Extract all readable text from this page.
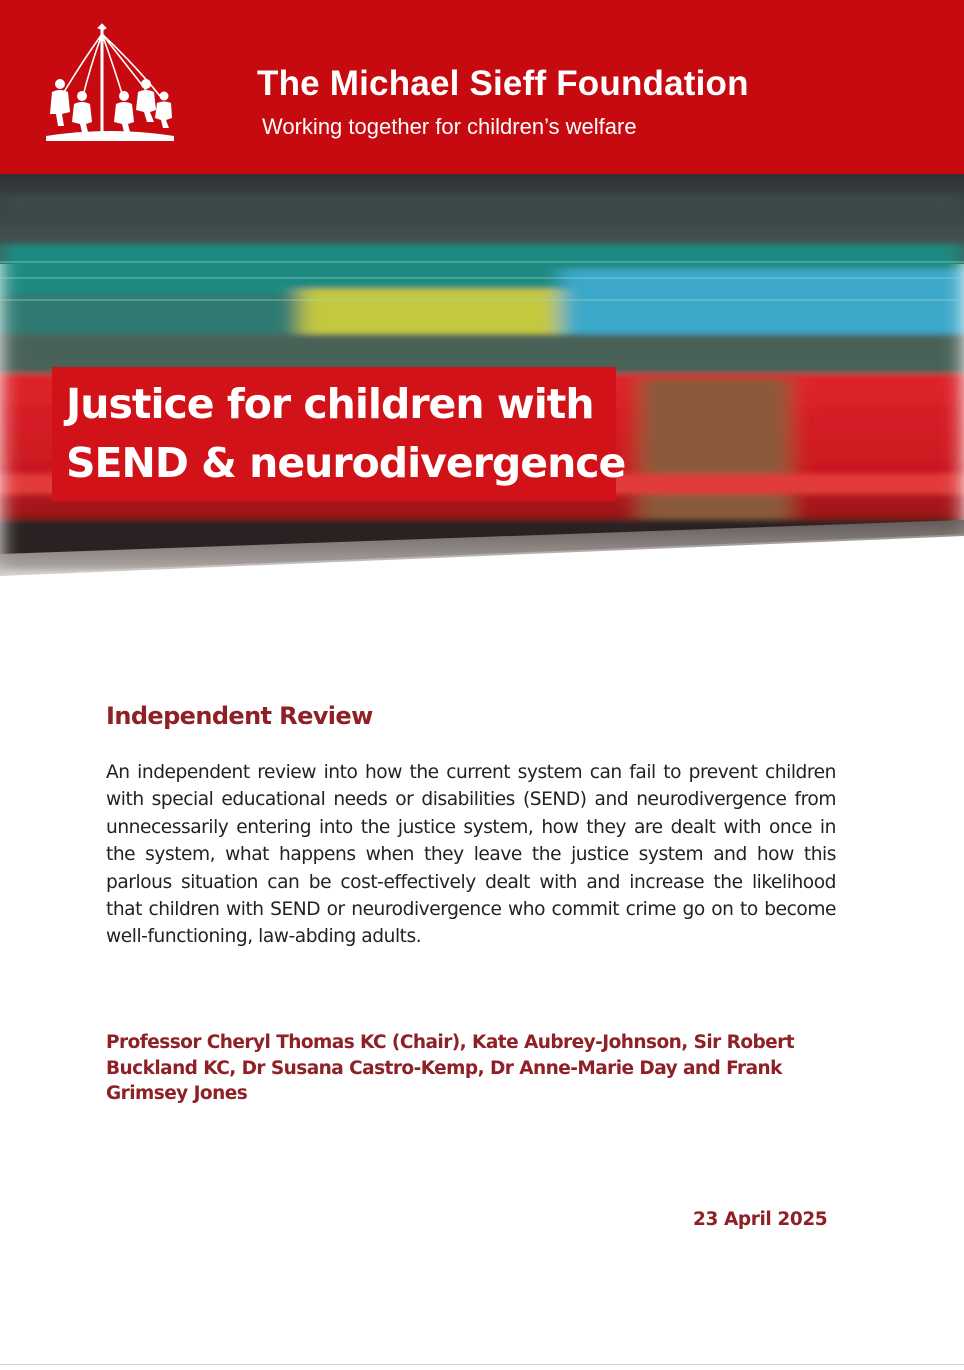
The Michael Sieff Foundation

Working together for children’s welfare

Justice for children with
SEND & neurodivergence
Independent Review

An independent review into how the current system can fail to prevent children with special educational needs or disabilities (SEND) and neurodivergence from unnecessarily entering into the justice system, how they are dealt with once in the system, what happens when they leave the justice system and how this parlous situation can be cost-effectively dealt with and increase the likelihood that children with SEND or neurodivergence who commit crime go on to become well-functioning, law-abding adults.

Professor Cheryl Thomas KC (Chair), Kate Aubrey-Johnson, Sir Robert Buckland KC, Dr Susana Castro-Kemp, Dr Anne-Marie Day and Frank Grimsey Jones

23 April 2025
